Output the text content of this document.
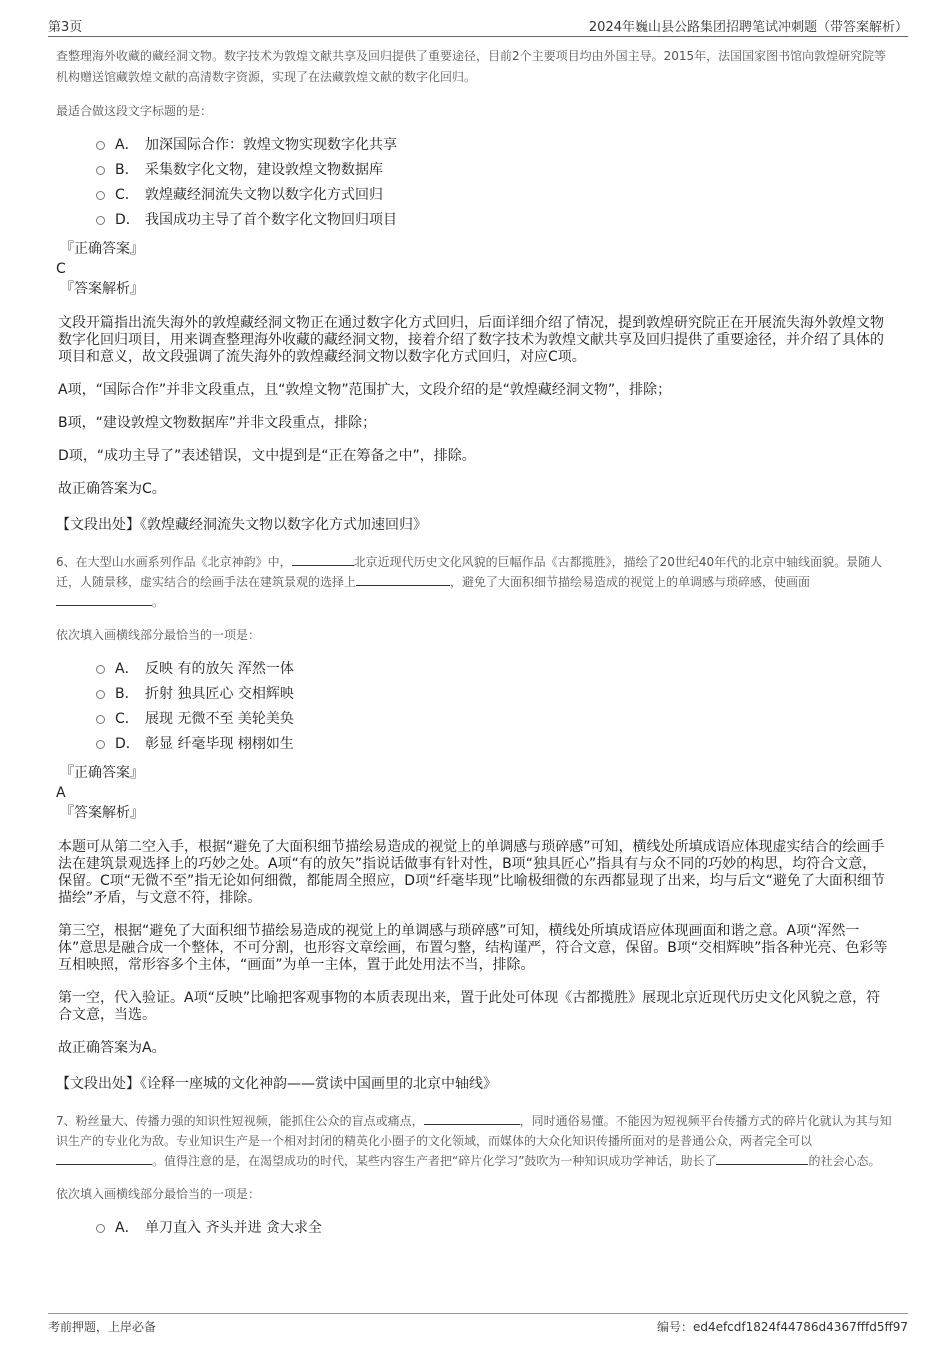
第3页	2024年巍山县公路集团招聘笔试冲刺题（带答案解析）

查整理海外收藏的藏经洞文物。数字技术为敦煌文献共享及回归提供了重要途径，目前2个主要项目均由外国主导。2015年，法国国家图书馆向敦煌研究院等机构赠送馆藏敦煌文献的高清数字资源，实现了在法藏敦煌文献的数字化回归。

最适合做这段文字标题的是：

A． 加深国际合作：敦煌文物实现数字化共享
B． 采集数字化文物，建设敦煌文物数据库
C． 敦煌藏经洞流失文物以数字化方式回归
D． 我国成功主导了首个数字化文物回归项目
『正确答案』
C
『答案解析』

文段开篇指出流失海外的敦煌藏经洞文物正在通过数字化方式回归，后面详细介绍了情况，提到敦煌研究院正在开展流失海外敦煌文物数字化回归项目，用来调查整理海外收藏的藏经洞文物，接着介绍了数字技术为敦煌文献共享及回归提供了重要途径，并介绍了具体的项目和意义，故文段强调了流失海外的敦煌藏经洞文物以数字化方式回归，对应C项。

A项，“国际合作”并非文段重点，且“敦煌文物”范围扩大，文段介绍的是“敦煌藏经洞文物”，排除；

B项，“建设敦煌文物数据库”并非文段重点，排除；

D项，“成功主导了”表述错误，文中提到是“正在筹备之中”，排除。

故正确答案为C。

【文段出处】《敦煌藏经洞流失文物以数字化方式加速回归》

6、在大型山水画系列作品《北京神韵》中，	北京近现代历史文化风貌的巨幅作品《古都揽胜》，描绘了20世纪40年代的北京中轴线面貌。景随人迁，人随景移，虚实结合的绘画手法在建筑景观的选择上	，避免了大面积细节描绘易造成的视觉上的单调感与琐碎感，使画面。

依次填入画横线部分最恰当的一项是：

A． 反映 有的放矢 浑然一体
B． 折射 独具匠心 交相辉映
C． 展现 无微不至 美轮美奂
D． 彰显 纤毫毕现 栩栩如生
『正确答案』
A
『答案解析』

本题可从第二空入手，根据“避免了大面积细节描绘易造成的视觉上的单调感与琐碎感”可知，横线处所填成语应体现虚实结合的绘画手法在建筑景观选择上的巧妙之处。A项“有的放矢”指说话做事有针对性，B项“独具匠心”指具有与众不同的巧妙的构思，均符合文意，保留。C项“无微不至”指无论如何细微，都能周全照应，D项“纤毫毕现”比喻极细微的东西都显现了出来，均与后文“避免了大面积细节描绘”矛盾，与文意不符，排除。

第三空，根据“避免了大面积细节描绘易造成的视觉上的单调感与琐碎感”可知，横线处所填成语应体现画面和谐之意。A项“浑然一体”意思是融合成一个整体，不可分割，也形容文章绘画，布置匀整，结构谨严，符合文意，保留。B项“交相辉映”指各种光亮、色彩等互相映照，常形容多个主体，“画面”为单一主体，置于此处用法不当，排除。

第一空，代入验证。A项“反映”比喻把客观事物的本质表现出来，置于此处可体现《古都揽胜》展现北京近现代历史文化风貌之意，符合文意，当选。

故正确答案为A。

【文段出处】《诠释一座城的文化神韵——赏读中国画里的北京中轴线》

7、粉丝量大、传播力强的知识性短视频，能抓住公众的盲点或痛点，	，同时通俗易懂。不能因为短视频平台传播方式的碎片化就认为其与知识生产的专业化为敌。专业知识生产是一个相对封闭的精英化小圈子的文化领域，而媒体的大众化知识传播所面对的是普通公众，两者完全可以。值得注意的是，在渴望成功的时代，某些内容生产者把“碎片化学习”鼓吹为一种知识成功学神话，助长了	的社会心态。

依次填入画横线部分最恰当的一项是：

A． 单刀直入 齐头并进 贪大求全
考前押题，上岸必备	编号：ed4efcdf1824f44786d4367fffd5ff97
